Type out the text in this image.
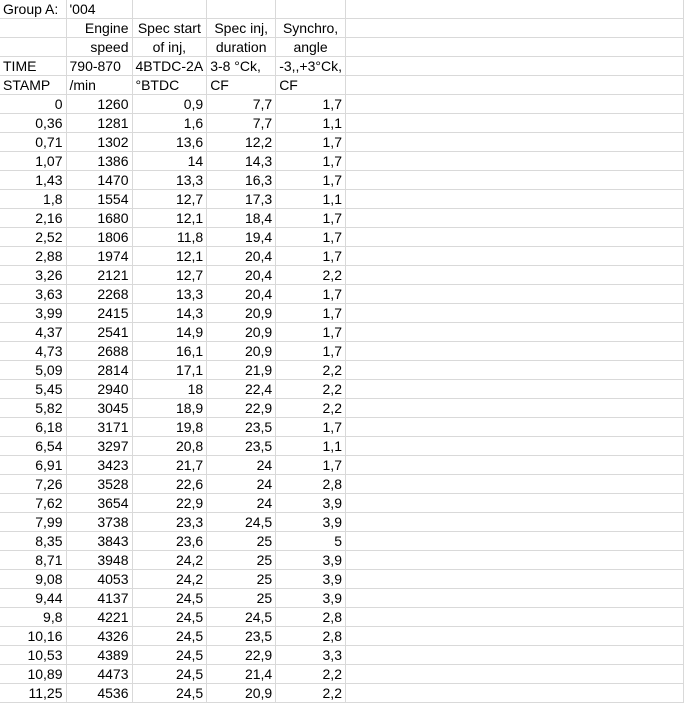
Group A:	'004				
	Engine	Spec start	Spec inj,	Synchro,	
	speed	of inj,	duration	angle	
TIME	790-870	4BTDC-2A	3-8 °Ck,	-3,,+3°Ck,	
STAMP	/min	°BTDC	CF	CF	
0	1260	0,9	7,7	1,7	
0,36	1281	1,6	7,7	1,1	
0,71	1302	13,6	12,2	1,7	
1,07	1386	14	14,3	1,7	
1,43	1470	13,3	16,3	1,7	
1,8	1554	12,7	17,3	1,1	
2,16	1680	12,1	18,4	1,7	
2,52	1806	11,8	19,4	1,7	
2,88	1974	12,1	20,4	1,7	
3,26	2121	12,7	20,4	2,2	
3,63	2268	13,3	20,4	1,7	
3,99	2415	14,3	20,9	1,7	
4,37	2541	14,9	20,9	1,7	
4,73	2688	16,1	20,9	1,7	
5,09	2814	17,1	21,9	2,2	
5,45	2940	18	22,4	2,2	
5,82	3045	18,9	22,9	2,2	
6,18	3171	19,8	23,5	1,7	
6,54	3297	20,8	23,5	1,1	
6,91	3423	21,7	24	1,7	
7,26	3528	22,6	24	2,8	
7,62	3654	22,9	24	3,9	
7,99	3738	23,3	24,5	3,9	
8,35	3843	23,6	25	5	
8,71	3948	24,2	25	3,9	
9,08	4053	24,2	25	3,9	
9,44	4137	24,5	25	3,9	
9,8	4221	24,5	24,5	2,8	
10,16	4326	24,5	23,5	2,8	
10,53	4389	24,5	22,9	3,3	
10,89	4473	24,5	21,4	2,2	
11,25	4536	24,5	20,9	2,2	
